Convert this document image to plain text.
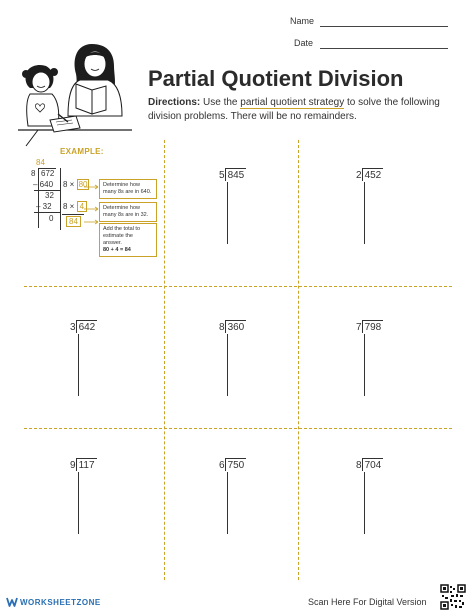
Name
Date
Partial Quotient Division
Directions: Use the partial quotient strategy to solve the following division problems. There will be no remainders.
EXAMPLE:
84
8 672
– 640
32
– 32
0
8 × 80
8 × 4
84
Determine how many 8s are in 640.
Determine how many 8s are in 32.
Add the total to estimate the answer.
80 + 4 = 84
5 845	2 452
3 642	8 360	7 798
9 117	6 750	8 704
WORKSHEETZONE	Scan Here For Digital Version
